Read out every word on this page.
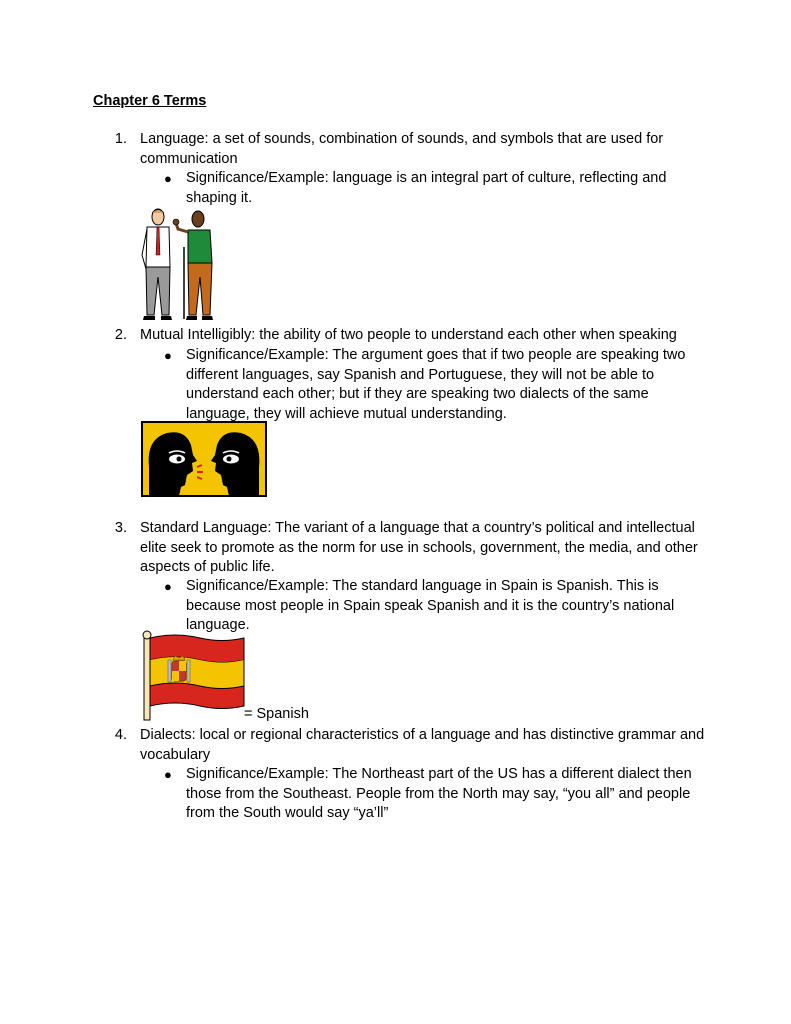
Chapter 6 Terms
1. Language: a set of sounds, combination of sounds, and symbols that are used for
communication
● Significance/Example: language is an integral part of culture, reflecting and
shaping it.
2. Mutual Intelligibly: the ability of two people to understand each other when speaking
● Significance/Example: The argument goes that if two people are speaking two
different languages, say Spanish and Portuguese, they will not be able to
understand each other; but if they are speaking two dialects of the same
language, they will achieve mutual understanding.
3. Standard Language: The variant of a language that a country’s political and intellectual
elite seek to promote as the norm for use in schools, government, the media, and other
aspects of public life.
● Significance/Example: The standard language in Spain is Spanish. This is
because most people in Spain speak Spanish and it is the country’s national
language.
= Spanish
4. Dialects: local or regional characteristics of a language and has distinctive grammar and
vocabulary
● Significance/Example: The Northeast part of the US has a different dialect then
those from the Southeast. People from the North may say, “you all” and people
from the South would say “ya’ll”
